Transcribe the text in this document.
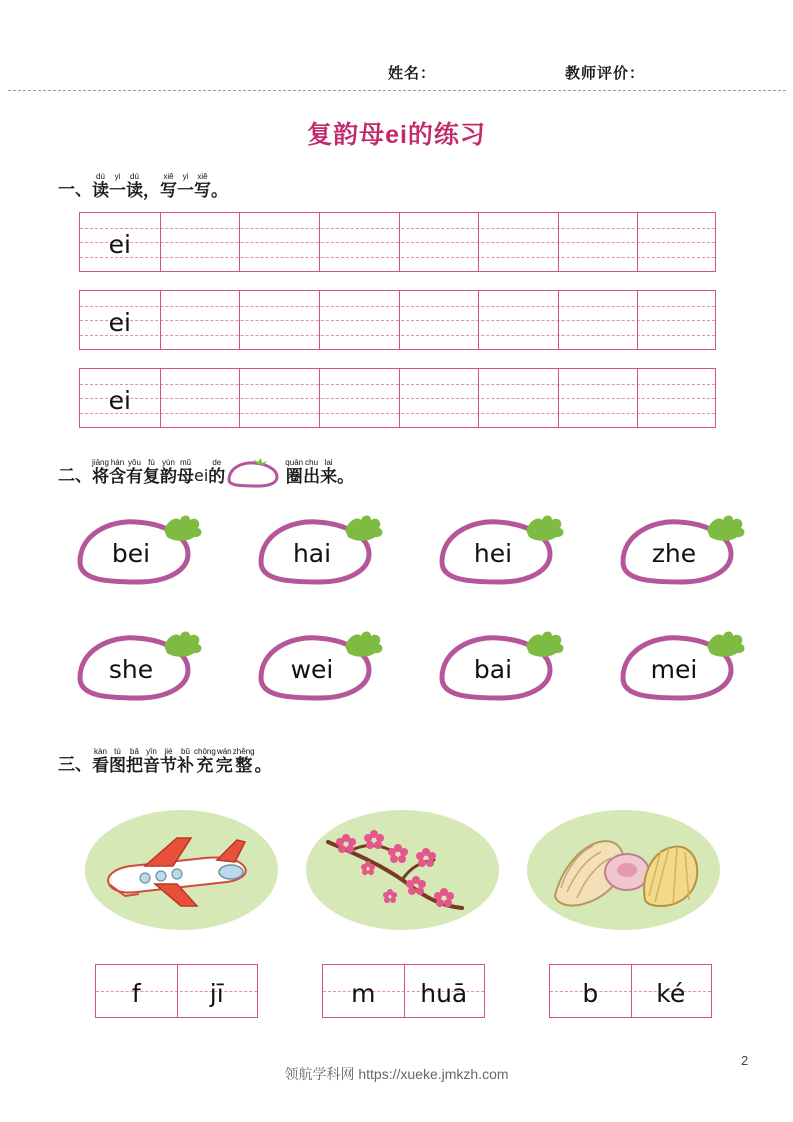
姓名：	教师评价：
复韵母ei的练习
一、
dú
读
yi
一
dú
读 ，
xiě
写
yi
一
xiě
写 。
ei
ei
ei
二、
jiāng
将
hán
含
yǒu
有
fù
复
yùn
韵
mǔ
母 ei
de
的
quān
圈
chu
出
lai
来 。
bei	hai	hei	zhe
she	wei	bai	mei
三、
kàn
看
tú
图
bǎ
把
yīn
音
jié
节
bǔ
补
chōng
充
wán
完
zhěng
整 。
f	jī	m	huā	b	ké
领航学科网 https://xueke.jmkzh.com
2
